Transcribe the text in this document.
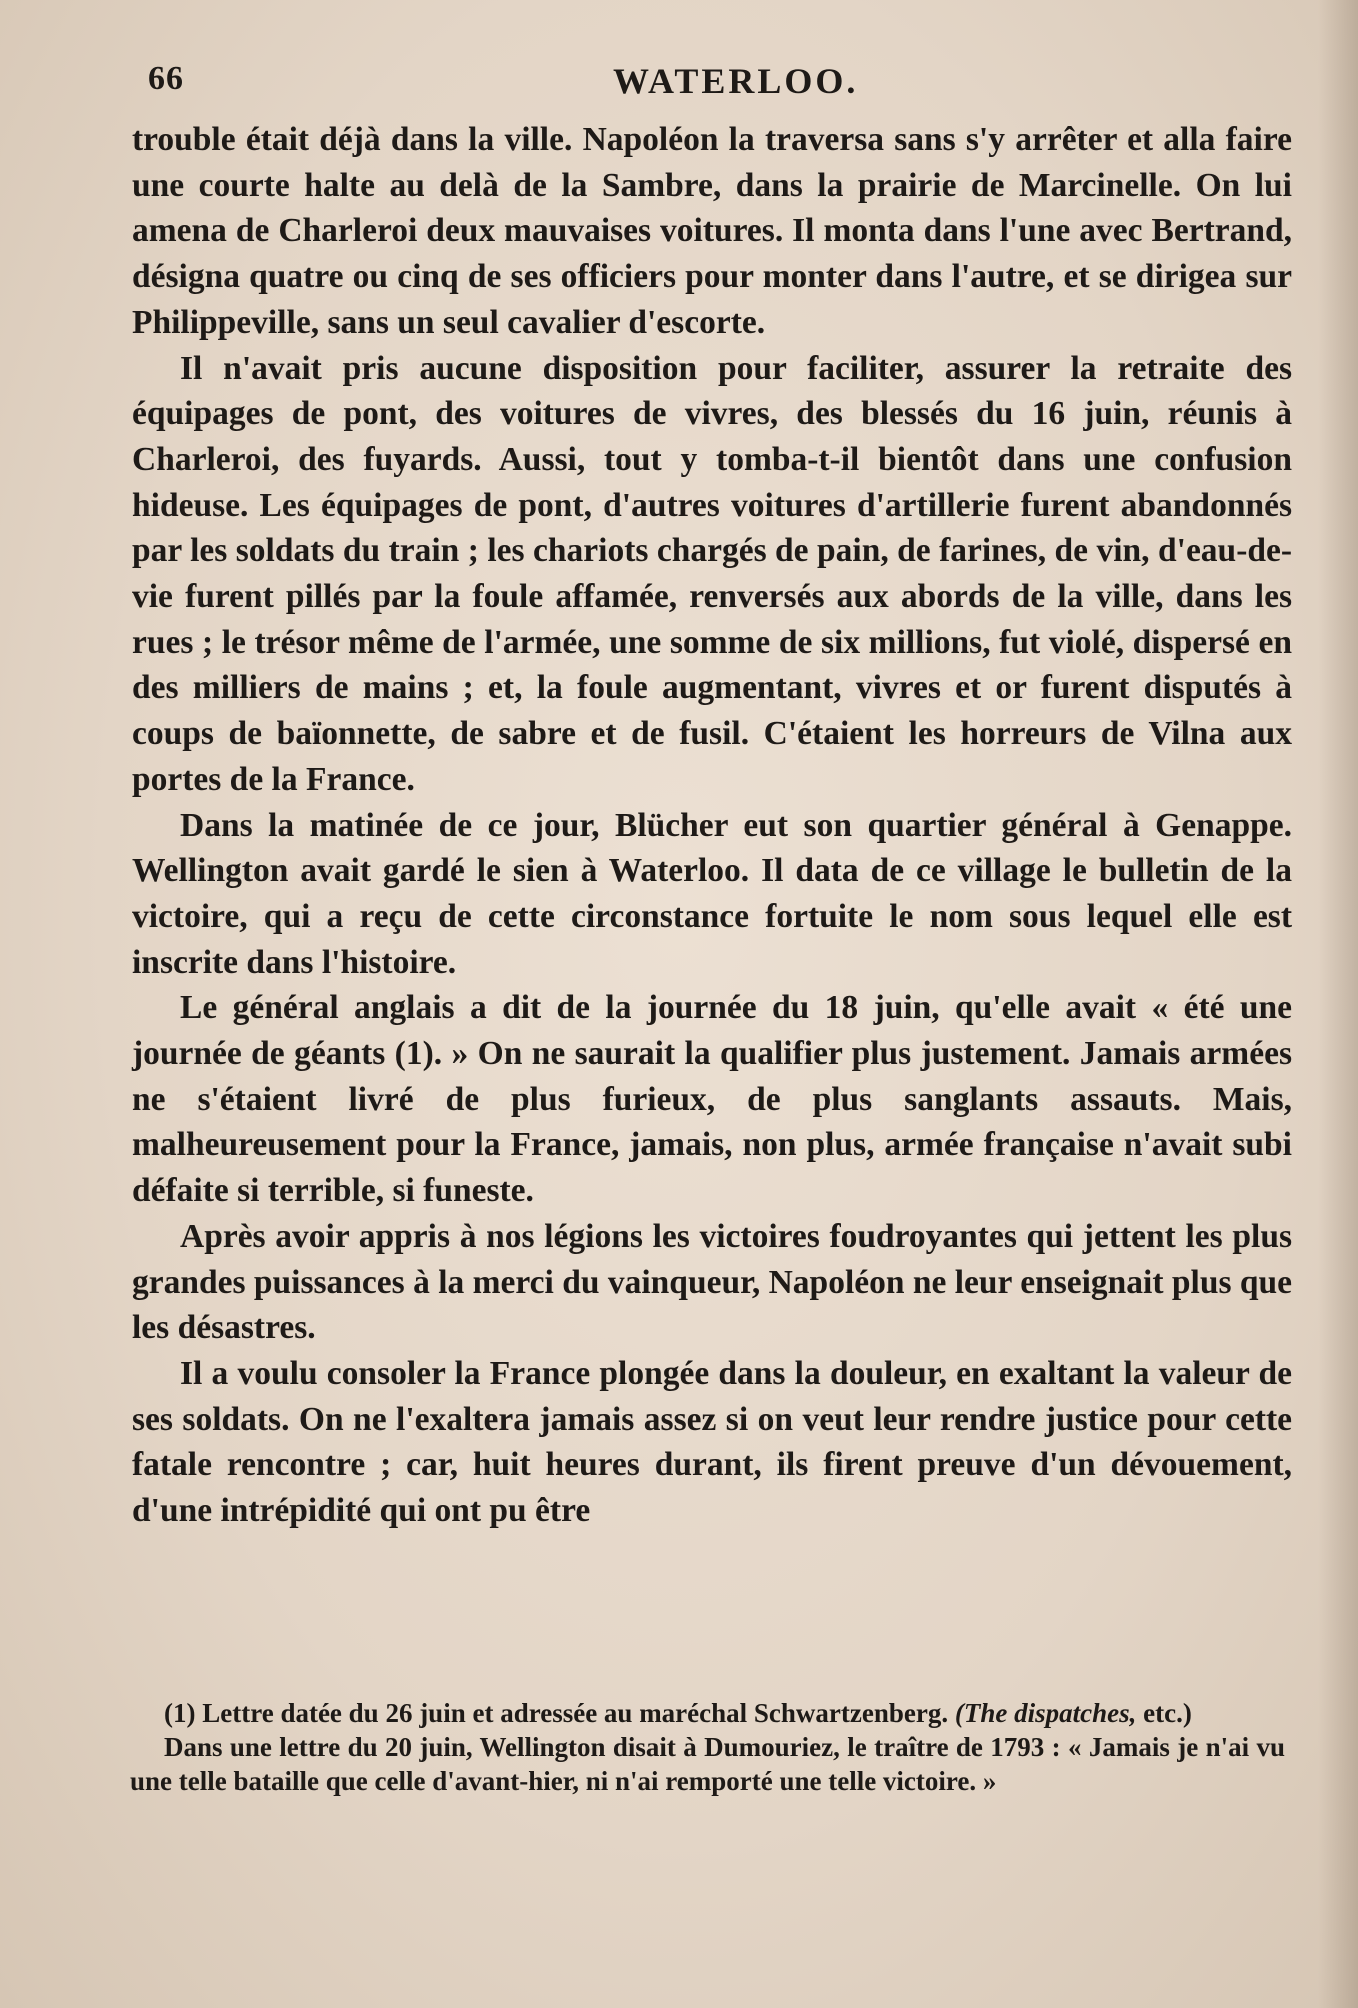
66	WATERLOO.

trouble était déjà dans la ville. Napoléon la traversa sans s'y arrêter et alla faire une courte halte au delà de la Sambre, dans la prairie de Marcinelle. On lui amena de Charleroi deux mauvaises voitures. Il monta dans l'une avec Bertrand, désigna quatre ou cinq de ses officiers pour monter dans l'autre, et se dirigea sur Philippeville, sans un seul cavalier d'escorte.

Il n'avait pris aucune disposition pour faciliter, assurer la retraite des équipages de pont, des voitures de vivres, des blessés du 16 juin, réunis à Charleroi, des fuyards. Aussi, tout y tomba-t-il bientôt dans une confusion hideuse. Les équipages de pont, d'autres voitures d'artillerie furent abandonnés par les soldats du train ; les chariots chargés de pain, de farines, de vin, d'eau-de-vie furent pillés par la foule affamée, renversés aux abords de la ville, dans les rues ; le trésor même de l'armée, une somme de six millions, fut violé, dispersé en des milliers de mains ; et, la foule augmentant, vivres et or furent disputés à coups de baïonnette, de sabre et de fusil. C'étaient les horreurs de Vilna aux portes de la France.

Dans la matinée de ce jour, Blücher eut son quartier général à Genappe. Wellington avait gardé le sien à Waterloo. Il data de ce village le bulletin de la victoire, qui a reçu de cette circonstance fortuite le nom sous lequel elle est inscrite dans l'histoire.

Le général anglais a dit de la journée du 18 juin, qu'elle avait « été une journée de géants (1). » On ne saurait la qualifier plus justement. Jamais armées ne s'étaient livré de plus furieux, de plus sanglants assauts. Mais, malheureusement pour la France, jamais, non plus, armée française n'avait subi défaite si terrible, si funeste.

Après avoir appris à nos légions les victoires foudroyantes qui jettent les plus grandes puissances à la merci du vainqueur, Napoléon ne leur enseignait plus que les désastres.

Il a voulu consoler la France plongée dans la douleur, en exaltant la valeur de ses soldats. On ne l'exaltera jamais assez si on veut leur rendre justice pour cette fatale rencontre ; car, huit heures durant, ils firent preuve d'un dévouement, d'une intrépidité qui ont pu être

(1) Lettre datée du 26 juin et adressée au maréchal Schwartzenberg. (The dispatches, etc.)

Dans une lettre du 20 juin, Wellington disait à Dumouriez, le traître de 1793 : « Jamais je n'ai vu une telle bataille que celle d'avant-hier, ni n'ai remporté une telle victoire. »
